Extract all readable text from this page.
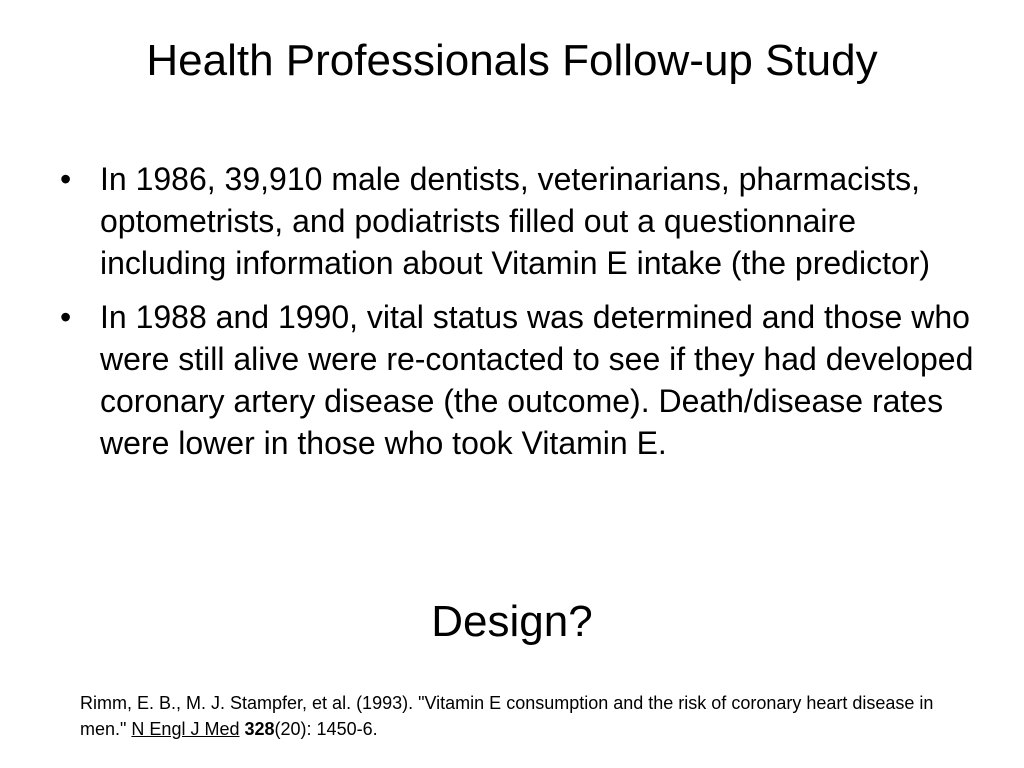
Health Professionals Follow-up Study
• In 1986, 39,910 male dentists, veterinarians, pharmacists, optometrists, and podiatrists filled out a questionnaire including information about Vitamin E intake (the predictor)
• In 1988 and 1990, vital status was determined and those who were still alive were re-contacted to see if they had developed coronary artery disease (the outcome). Death/disease rates were lower in those who took Vitamin E.

Design?

Rimm, E. B., M. J. Stampfer, et al. (1993). "Vitamin E consumption and the risk of coronary heart disease in men." N Engl J Med 328(20): 1450-6.
